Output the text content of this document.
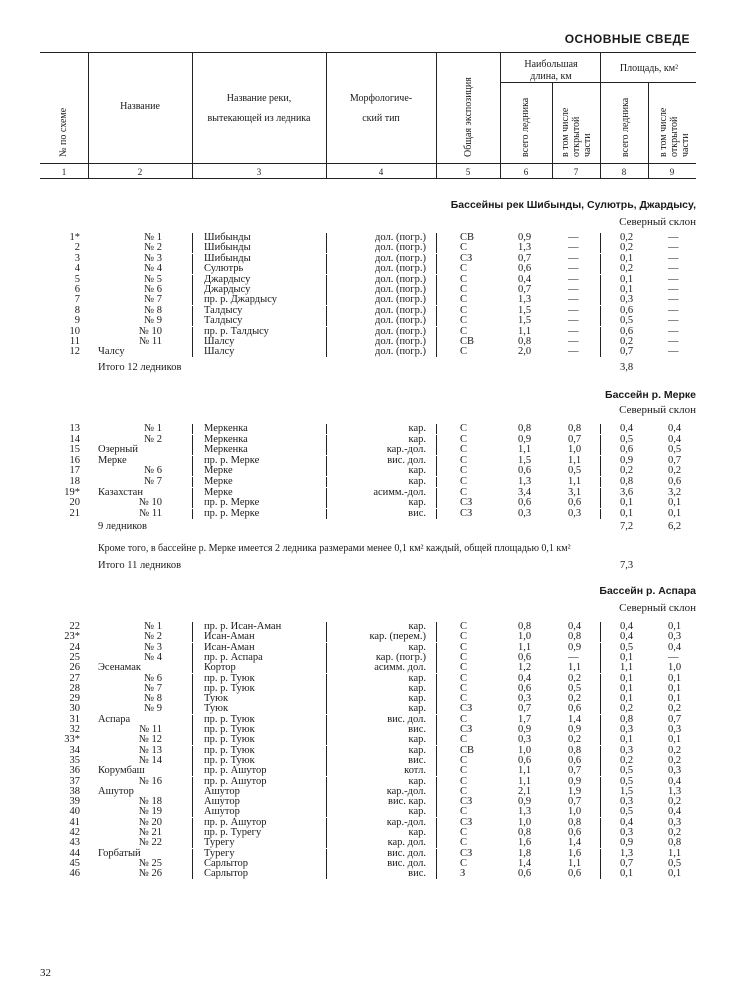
ОСНОВНЫЕ СВЕДЕ
№ по схеме
Название
Название реки,
вытекающей из ледника
Морфологиче-
ский тип	Общая экспозиция
Наибольшая
длина, км
всего ледника	в том числе открытой части
Площадь, км²
всего ледника	в том числе открытой части
1	2	3	4	5	6	7	8	9
Бассейны рек Шибынды, Сулютрь, Джардысу,
Северный склон
1*	№ 1	Шибынды	дол. (погр.)	СВ	0,9	—	0,2	—
2	№ 2	Шибынды	дол. (погр.)	С	1,3	—	0,2	—
3	№ 3	Шибынды	дол. (погр.)	СЗ	0,7	—	0,1	—
4	№ 4	Сулютрь	дол. (погр.)	С	0,6	—	0,2	—
5	№ 5	Джардысу	дол. (погр.)	С	0,4	—	0,1	—
6	№ 6	Джардысу	дол. (погр.)	С	0,7	—	0,1	—
7	№ 7	пр. р. Джардысу	дол. (погр.)	С	1,3	—	0,3	—
8	№ 8	Талдысу	дол. (погр.)	С	1,5	—	0,6	—
9	№ 9	Талдысу	дол. (погр.)	С	1,5	—	0,5	—
10	№ 10	пр. р. Талдысу	дол. (погр.)	С	1,1	—	0,6	—
11	№ 11	Шалсу	дол. (погр.)	СВ	0,8	—	0,2	—
12 Чалсу	Шалсу	дол. (погр.)	С	2,0	—	0,7	—
Итого 12 ледников	3,8
Бассейн р. Мерке
Северный склон
13	№ 1	Меркенка	кар.	С	0,8	0,8	0,4	0,4
14	№ 2	Меркенка	кар.	С	0,9	0,7	0,5	0,4
15 Озерный	Меркенка	кар.-дол.	С	1,1	1,0	0,6	0,5
16 Мерке	пр. р. Мерке	вис. дол.	С	1,5	1,1	0,9	0,7
17	№ 6	Мерке	кар.	С	0,6	0,5	0,2	0,2
18	№ 7	Мерке	кар.	С	1,3	1,1	0,8	0,6
19* Казахстан	Мерке	асимм.-дол.	С	3,4	3,1	3,6	3,2
20	№ 10	пр. р. Мерке	кар.	СЗ	0,6	0,6	0,1	0,1
21	№ 11	пр. р. Мерке	вис.	СЗ	0,3	0,3	0,1	0,1
9 ледников	7,2	6,2
Кроме того, в бассейне р. Мерке имеется 2 ледника размерами менее 0,1 км² каждый, общей площадью 0,1 км²
Итого 11 ледников	7,3
Бассейн р. Аспара
Северный склон
22	№ 1	пр. р. Исан-Аман	кар.	С	0,8	0,4	0,4	0,1
23*	№ 2	Исан-Аман	кар. (перем.)	С	1,0	0,8	0,4	0,3
24	№ 3	Исан-Аман	кар.	С	1,1	0,9	0,5	0,4
25	№ 4	пр. р. Аспара	кар. (погр.)	С	0,6	—	0,1	—
26 Эсенамак	Кортор	асимм. дол.	С	1,2	1,1	1,1	1,0
27	№ 6	пр. р. Туюк	кар.	С	0,4	0,2	0,1	0,1
28	№ 7	пр. р. Туюк	кар.	С	0,6	0,5	0,1	0,1
29	№ 8	Туюк	кар.	С	0,3	0,2	0,1	0,1
30	№ 9	Туюк	кар.	СЗ	0,7	0,6	0,2	0,2
31 Аспара	пр. р. Туюк	вис. дол.	С	1,7	1,4	0,8	0,7
32	№ 11	пр. р. Туюк	вис.	СЗ	0,9	0,9	0,3	0,3
33*	№ 12	пр. р. Туюк	кар.	С	0,3	0,2	0,1	0,1
34	№ 13	пр. р. Туюк	кар.	СВ	1,0	0,8	0,3	0,2
35	№ 14	пр. р. Туюк	вис.	С	0,6	0,6	0,2	0,2
36 Корумбаш	пр. р. Ашутор	котл.	С	1,1	0,7	0,5	0,3
37	№ 16	пр. р. Ашутор	кар.	С	1,1	0,9	0,5	0,4
38 Ашутор	Ашутор	кар.-дол.	С	2,1	1,9	1,5	1,3
39	№ 18	Ашутор	вис. кар.	СЗ	0,9	0,7	0,3	0,2
40	№ 19	Ашутор	кар.	С	1,3	1,0	0,5	0,4
41	№ 20	пр. р. Ашутор	кар.-дол.	СЗ	1,0	0,8	0,4	0,3
42	№ 21	пр. р. Турегу	кар.	С	0,8	0,6	0,3	0,2
43	№ 22	Турегу	кар. дол.	С	1,6	1,4	0,9	0,8
44 Горбатый	Турегу	вис. дол.	СЗ	1,8	1,6	1,3	1,1
45	№ 25	Сарлытор	вис. дол.	С	1,4	1,1	0,7	0,5
46	№ 26	Сарлытор	вис.	З	0,6	0,6	0,1	0,1
32
